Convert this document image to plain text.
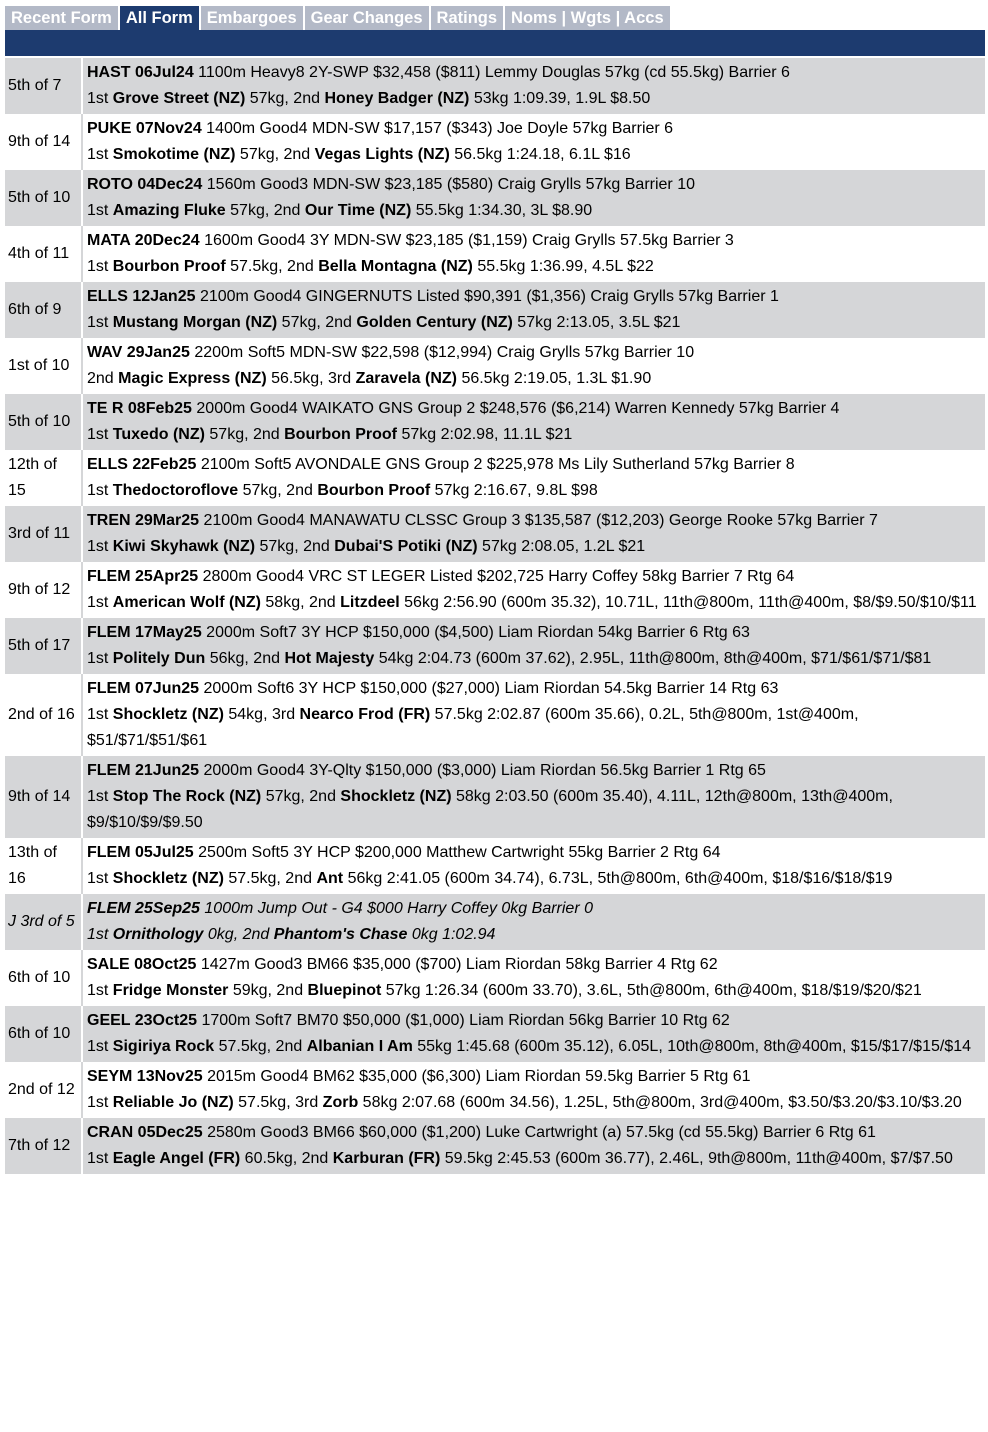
Recent Form All Form Embargoes Gear Changes Ratings Noms | Wgts | Accs
5th of 7	HAST 06Jul24 1100m Heavy8 2Y-SWP $32,458 ($811) Lemmy Douglas 57kg (cd 55.5kg) Barrier 6
1st Grove Street (NZ) 57kg, 2nd Honey Badger (NZ) 53kg 1:09.39, 1.9L $8.50
9th of 14	PUKE 07Nov24 1400m Good4 MDN-SW $17,157 ($343) Joe Doyle 57kg Barrier 6
1st Smokotime (NZ) 57kg, 2nd Vegas Lights (NZ) 56.5kg 1:24.18, 6.1L $16
5th of 10	ROTO 04Dec24 1560m Good3 MDN-SW $23,185 ($580) Craig Grylls 57kg Barrier 10
1st Amazing Fluke 57kg, 2nd Our Time (NZ) 55.5kg 1:34.30, 3L $8.90
4th of 11	MATA 20Dec24 1600m Good4 3Y MDN-SW $23,185 ($1,159) Craig Grylls 57.5kg Barrier 3
1st Bourbon Proof 57.5kg, 2nd Bella Montagna (NZ) 55.5kg 1:36.99, 4.5L $22
6th of 9	ELLS 12Jan25 2100m Good4 GINGERNUTS Listed $90,391 ($1,356) Craig Grylls 57kg Barrier 1
1st Mustang Morgan (NZ) 57kg, 2nd Golden Century (NZ) 57kg 2:13.05, 3.5L $21
1st of 10	WAV 29Jan25 2200m Soft5 MDN-SW $22,598 ($12,994) Craig Grylls 57kg Barrier 10
2nd Magic Express (NZ) 56.5kg, 3rd Zaravela (NZ) 56.5kg 2:19.05, 1.3L $1.90
5th of 10	TE R 08Feb25 2000m Good4 WAIKATO GNS Group 2 $248,576 ($6,214) Warren Kennedy 57kg Barrier 4
1st Tuxedo (NZ) 57kg, 2nd Bourbon Proof 57kg 2:02.98, 11.1L $21
12th of 15	ELLS 22Feb25 2100m Soft5 AVONDALE GNS Group 2 $225,978 Ms Lily Sutherland 57kg Barrier 8
1st Thedoctoroflove 57kg, 2nd Bourbon Proof 57kg 2:16.67, 9.8L $98
3rd of 11	TREN 29Mar25 2100m Good4 MANAWATU CLSSC Group 3 $135,587 ($12,203) George Rooke 57kg Barrier 7
1st Kiwi Skyhawk (NZ) 57kg, 2nd Dubai'S Potiki (NZ) 57kg 2:08.05, 1.2L $21
9th of 12	FLEM 25Apr25 2800m Good4 VRC ST LEGER Listed $202,725 Harry Coffey 58kg Barrier 7 Rtg 64
1st American Wolf (NZ) 58kg, 2nd Litzdeel 56kg 2:56.90 (600m 35.32), 10.71L, 11th@800m, 11th@400m, $8/$9.50/$10/$11
5th of 17	FLEM 17May25 2000m Soft7 3Y HCP $150,000 ($4,500) Liam Riordan 54kg Barrier 6 Rtg 63
1st Politely Dun 56kg, 2nd Hot Majesty 54kg 2:04.73 (600m 37.62), 2.95L, 11th@800m, 8th@400m, $71/$61/$71/$81
2nd of 16	FLEM 07Jun25 2000m Soft6 3Y HCP $150,000 ($27,000) Liam Riordan 54.5kg Barrier 14 Rtg 63
1st Shockletz (NZ) 54kg, 3rd Nearco Frod (FR) 57.5kg 2:02.87 (600m 35.66), 0.2L, 5th@800m, 1st@400m, $51/$71/$51/$61
9th of 14	FLEM 21Jun25 2000m Good4 3Y-Qlty $150,000 ($3,000) Liam Riordan 56.5kg Barrier 1 Rtg 65
1st Stop The Rock (NZ) 57kg, 2nd Shockletz (NZ) 58kg 2:03.50 (600m 35.40), 4.11L, 12th@800m, 13th@400m, $9/$10/$9/$9.50
13th of 16	FLEM 05Jul25 2500m Soft5 3Y HCP $200,000 Matthew Cartwright 55kg Barrier 2 Rtg 64
1st Shockletz (NZ) 57.5kg, 2nd Ant 56kg 2:41.05 (600m 34.74), 6.73L, 5th@800m, 6th@400m, $18/$16/$18/$19
J 3rd of 5	FLEM 25Sep25 1000m Jump Out - G4 $000 Harry Coffey 0kg Barrier 0
1st Ornithology 0kg, 2nd Phantom's Chase 0kg 1:02.94
6th of 10	SALE 08Oct25 1427m Good3 BM66 $35,000 ($700) Liam Riordan 58kg Barrier 4 Rtg 62
1st Fridge Monster 59kg, 2nd Bluepinot 57kg 1:26.34 (600m 33.70), 3.6L, 5th@800m, 6th@400m, $18/$19/$20/$21
6th of 10	GEEL 23Oct25 1700m Soft7 BM70 $50,000 ($1,000) Liam Riordan 56kg Barrier 10 Rtg 62
1st Sigiriya Rock 57.5kg, 2nd Albanian I Am 55kg 1:45.68 (600m 35.12), 6.05L, 10th@800m, 8th@400m, $15/$17/$15/$14
2nd of 12	SEYM 13Nov25 2015m Good4 BM62 $35,000 ($6,300) Liam Riordan 59.5kg Barrier 5 Rtg 61
1st Reliable Jo (NZ) 57.5kg, 3rd Zorb 58kg 2:07.68 (600m 34.56), 1.25L, 5th@800m, 3rd@400m, $3.50/$3.20/$3.10/$3.20
7th of 12	CRAN 05Dec25 2580m Good3 BM66 $60,000 ($1,200) Luke Cartwright (a) 57.5kg (cd 55.5kg) Barrier 6 Rtg 61
1st Eagle Angel (FR) 60.5kg, 2nd Karburan (FR) 59.5kg 2:45.53 (600m 36.77), 2.46L, 9th@800m, 11th@400m, $7/$7.50
